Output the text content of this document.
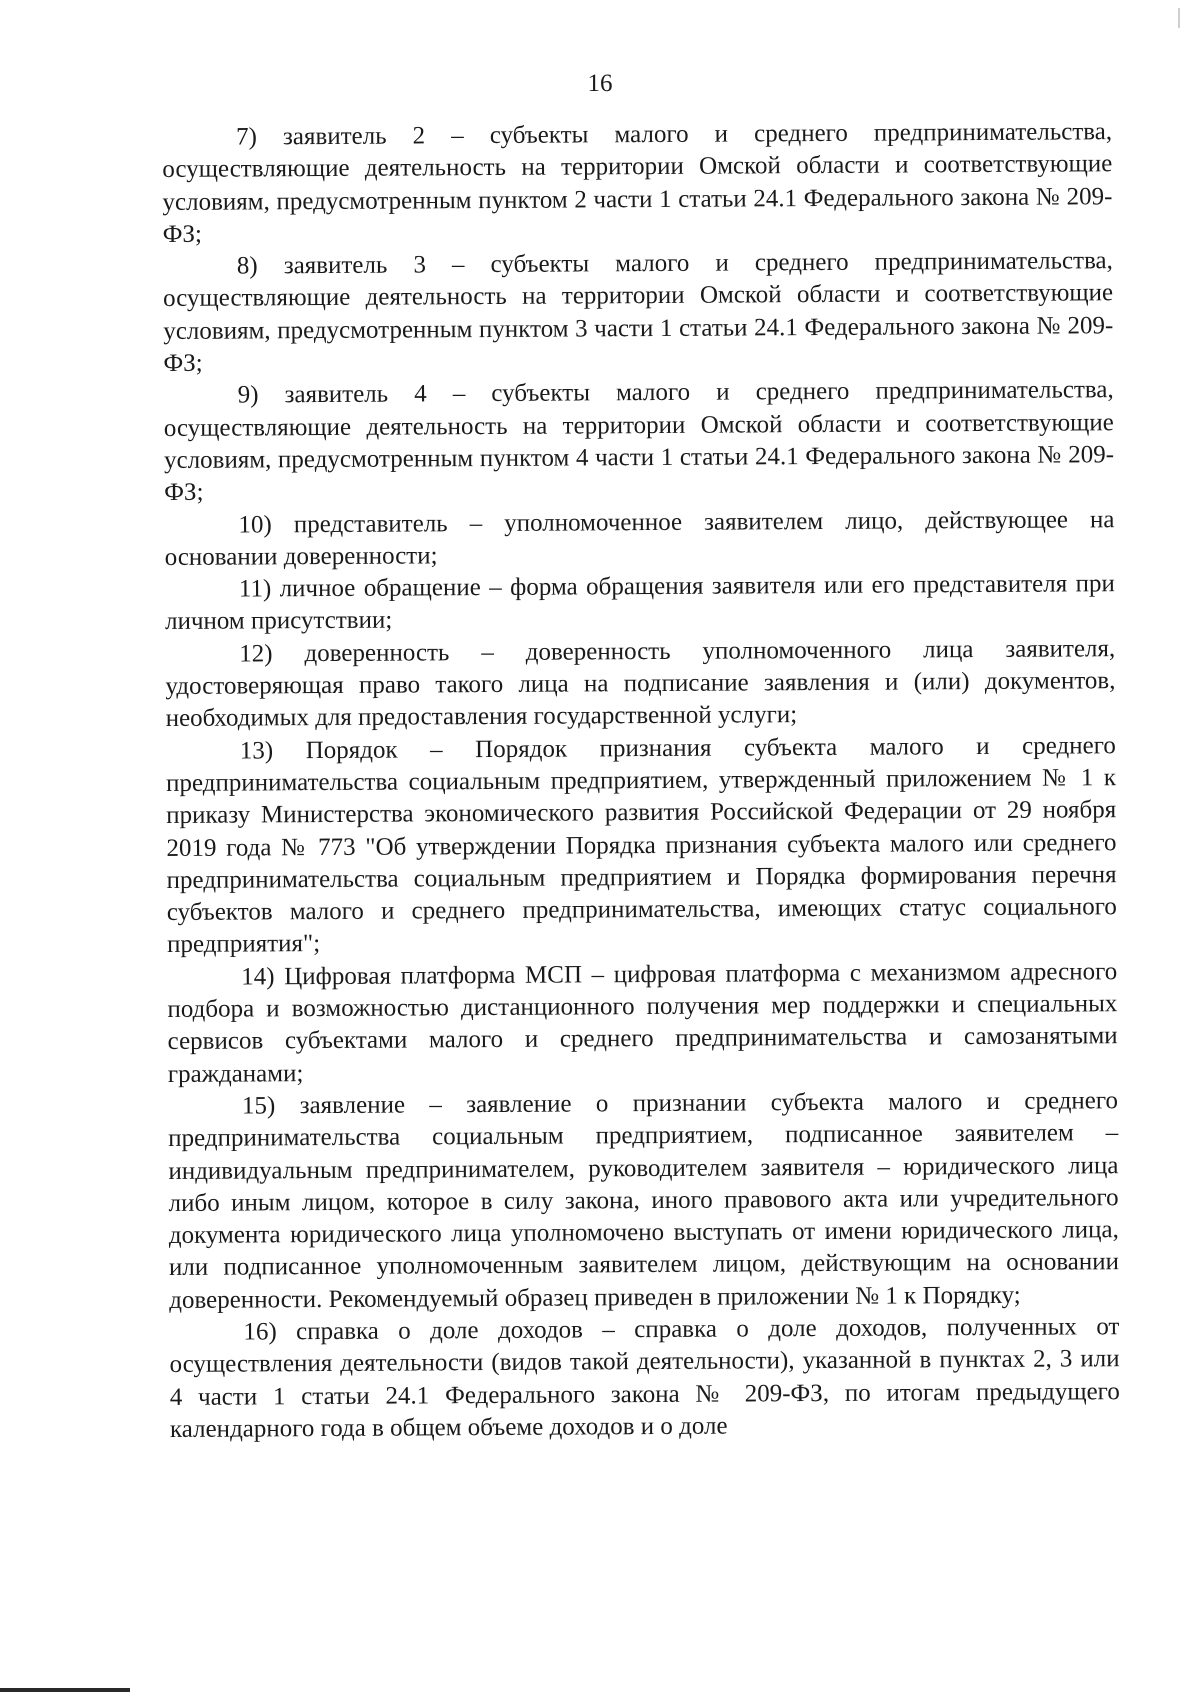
16

7) заявитель 2 – субъекты малого и среднего предпринимательства, осуществляющие деятельность на территории Омской области и соответствующие условиям, предусмотренным пунктом 2 части 1 статьи 24.1 Федерального закона № 209-ФЗ;

8) заявитель 3 – субъекты малого и среднего предпринимательства, осуществляющие деятельность на территории Омской области и соответствующие условиям, предусмотренным пунктом 3 части 1 статьи 24.1 Федерального закона № 209-ФЗ;

9) заявитель 4 – субъекты малого и среднего предпринимательства, осуществляющие деятельность на территории Омской области и соответствующие условиям, предусмотренным пунктом 4 части 1 статьи 24.1 Федерального закона № 209-ФЗ;

10) представитель – уполномоченное заявителем лицо, действующее на основании доверенности;

11) личное обращение – форма обращения заявителя или его представителя при личном присутствии;

12) доверенность – доверенность уполномоченного лица заявителя, удостоверяющая право такого лица на подписание заявления и (или) документов, необходимых для предоставления государственной услуги;

13) Порядок – Порядок признания субъекта малого и среднего предпринимательства социальным предприятием, утвержденный приложением № 1 к приказу Министерства экономического развития Российской Федерации от 29 ноября 2019 года № 773 "Об утверждении Порядка признания субъекта малого или среднего предпринимательства социальным предприятием и Порядка формирования перечня субъектов малого и среднего предпринимательства, имеющих статус социального предприятия";

14) Цифровая платформа МСП – цифровая платформа с механизмом адресного подбора и возможностью дистанционного получения мер поддержки и специальных сервисов субъектами малого и среднего предпринимательства и самозанятыми гражданами;

15) заявление – заявление о признании субъекта малого и среднего предпринимательства социальным предприятием, подписанное заявителем – индивидуальным предпринимателем, руководителем заявителя – юридического лица либо иным лицом, которое в силу закона, иного правового акта или учредительного документа юридического лица уполномочено выступать от имени юридического лица, или подписанное уполномоченным заявителем лицом, действующим на основании доверенности. Рекомендуемый образец приведен в приложении № 1 к Порядку;

16) справка о доле доходов – справка о доле доходов, полученных от осуществления деятельности (видов такой деятельности), указанной в пунктах 2, 3 или 4 части 1 статьи 24.1 Федерального закона № 209-ФЗ, по итогам предыдущего календарного года в общем объеме доходов и о доле
